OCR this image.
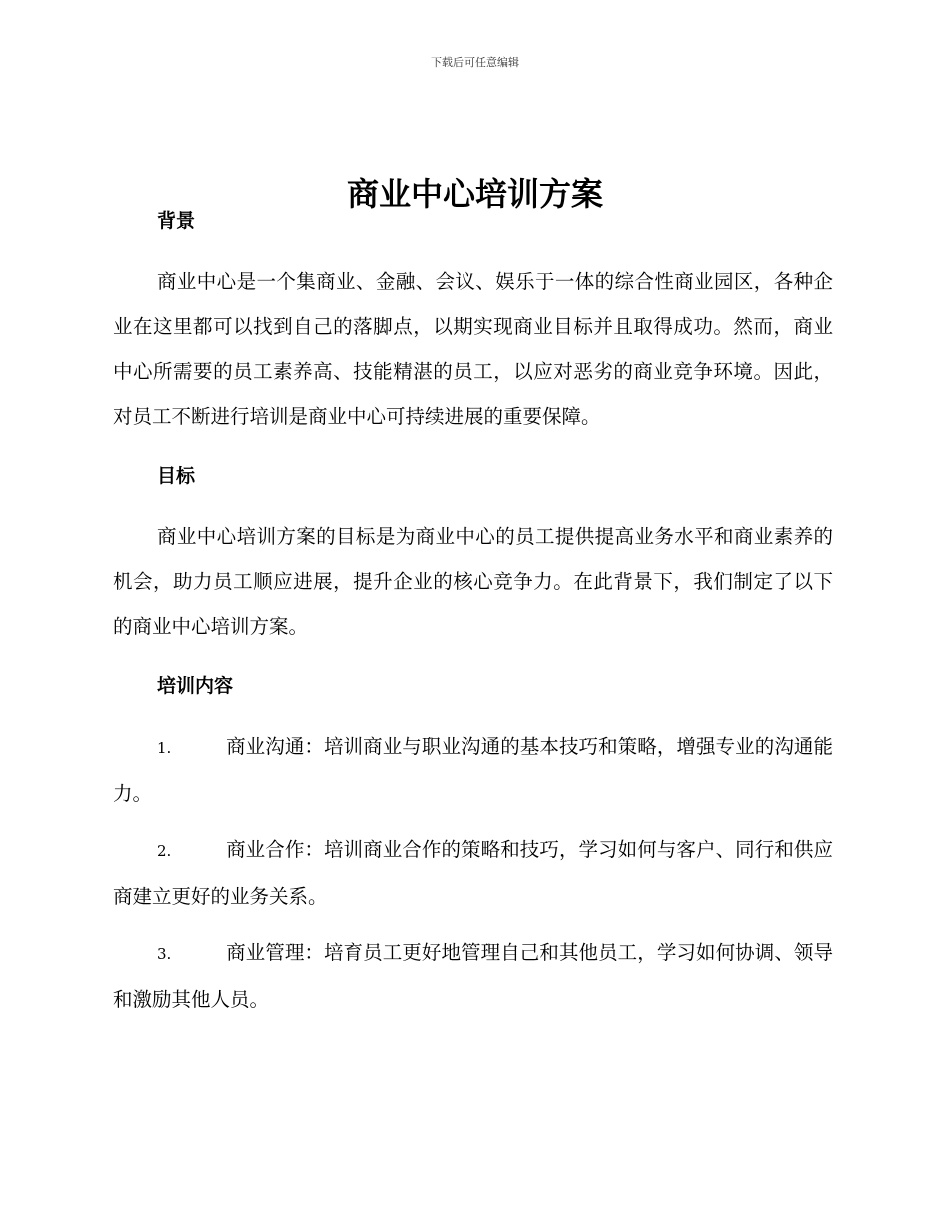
下载后可任意编辑
商业中心培训方案
背景

商业中心是一个集商业、金融、会议、娱乐于一体的综合性商业园区，各种企业在这里都可以找到自己的落脚点，以期实现商业目标并且取得成功。然而，商业中心所需要的员工素养高、技能精湛的员工，以应对恶劣的商业竞争环境。因此，对员工不断进行培训是商业中心可持续进展的重要保障。

目标

商业中心培训方案的目标是为商业中心的员工提供提高业务水平和商业素养的机会，助力员工顺应进展，提升企业的核心竞争力。在此背景下，我们制定了以下的商业中心培训方案。

培训内容

1.	商业沟通：培训商业与职业沟通的基本技巧和策略，增强专业的沟通能力。

2.	商业合作：培训商业合作的策略和技巧，学习如何与客户、同行和供应商建立更好的业务关系。

3.	商业管理：培育员工更好地管理自己和其他员工，学习如何协调、领导和激励其他人员。
